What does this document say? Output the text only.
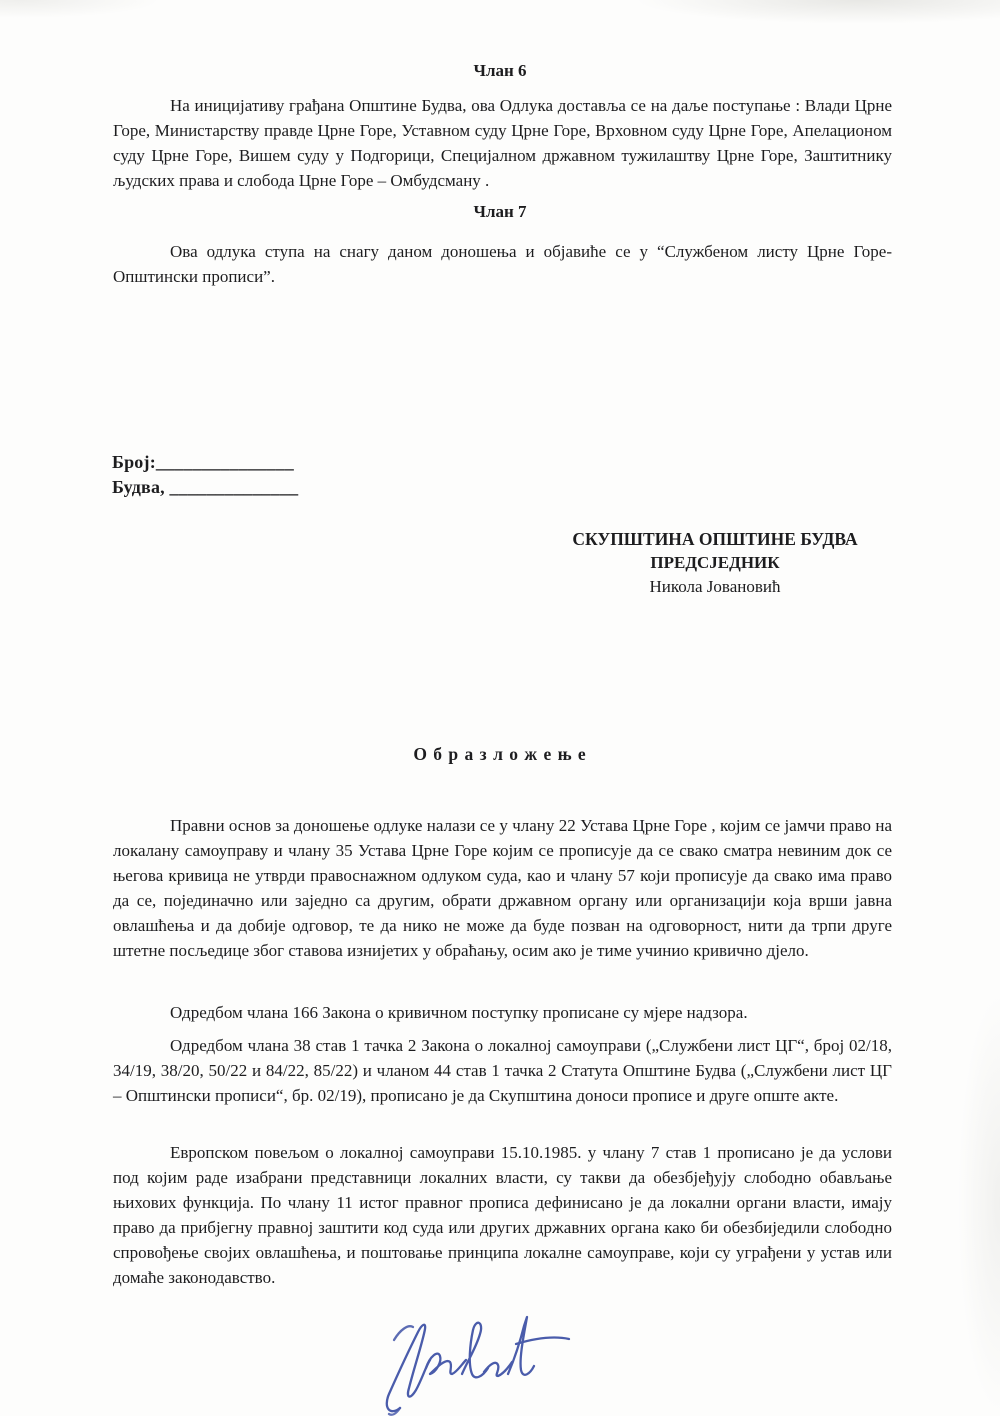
Члан 6

На иницијативу грађана Општине Будва, ова Одлука доставља се на даље поступање : Влади Црне Горе, Министарству правде Црне Горе, Уставном суду Црне Горе, Врховном суду Црне Горе, Апелационом суду Црне Горе, Вишем суду у Подгорици, Специјалном државном тужилаштву Црне Горе, Заштитнику људских права и слобода Црне Горе – Омбудсману .

Члан 7

Ова одлука ступа на снагу даном доношења и објавиће се у “Службеном листу Црне Горе-Општински прописи”.

Број:_______________
Будва, ______________
СКУПШТИНА ОПШТИНЕ БУДВА
ПРЕДСЈЕДНИК
Никола Јовановић
О б р а з л о ж е њ е

Правни основ за доношење одлуке налази се у члану 22 Устава Црне Горе , којим се јамчи право на локалану самоуправу и члану 35 Устава Црне Горе којим се прописује да се свако сматра невиним док се његова кривица не утврди правоснажном одлуком суда, као и члану 57 који прописује да свако има право да се, појединачно или заједно са другим, обрати државном органу или организацији која врши јавна овлашћења и да добије одговор, те да нико не може да буде позван на одговорност, нити да трпи друге штетне посљедице због ставова изнијетих у обраћању, осим ако је тиме учинио кривично дјело.

Одредбом члана 166 Закона о кривичном поступку прописане су мјере надзора.

Одредбом члана 38 став 1 тачка 2 Закона о локалној самоуправи („Службени лист ЦГ“, број 02/18, 34/19, 38/20, 50/22 и 84/22, 85/22) и чланом 44 став 1 тачка 2 Статута Општине Будва („Службени лист ЦГ – Општински прописи“, бр. 02/19), прописано је да Скупштина доноси прописе и друге опште акте.

Европском повељом о локалној самоуправи 15.10.1985. у члану 7 став 1 прописано је да услови под којим раде изабрани представници локалних власти, су такви да обезбјеђују слободно обављање њихових функција. По члану 11 истог правног прописа дефинисано је да локални органи власти, имају право да прибјегну правној заштити код суда или других државних органа како би обезбиједили слободно спровођење својих овлашћења, и поштовање принципа локалне самоуправе, који су уграђени у устав или домаће законодавство.
